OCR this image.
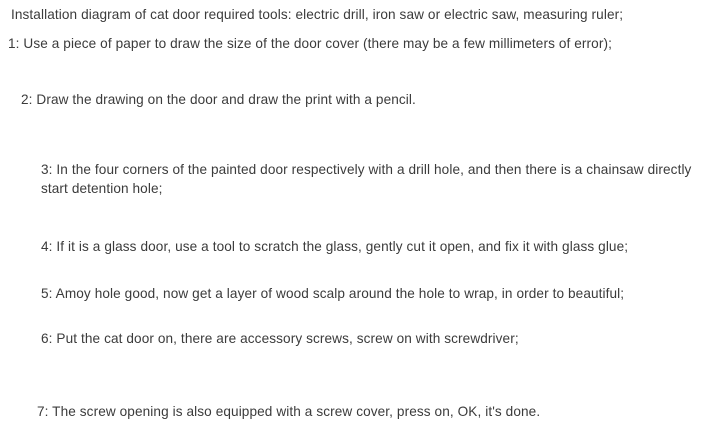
Installation diagram of cat door required tools: electric drill, iron saw or electric saw, measuring ruler;

1: Use a piece of paper to draw the size of the door cover (there may be a few millimeters of error);

2: Draw the drawing on the door and draw the print with a pencil.

3: In the four corners of the painted door respectively with a drill hole, and then there is a chainsaw directly start detention hole;

4: If it is a glass door, use a tool to scratch the glass, gently cut it open, and fix it with glass glue;

5: Amoy hole good, now get a layer of wood scalp around the hole to wrap, in order to beautiful;

6: Put the cat door on, there are accessory screws, screw on with screwdriver;

7: The screw opening is also equipped with a screw cover, press on, OK, it's done.
